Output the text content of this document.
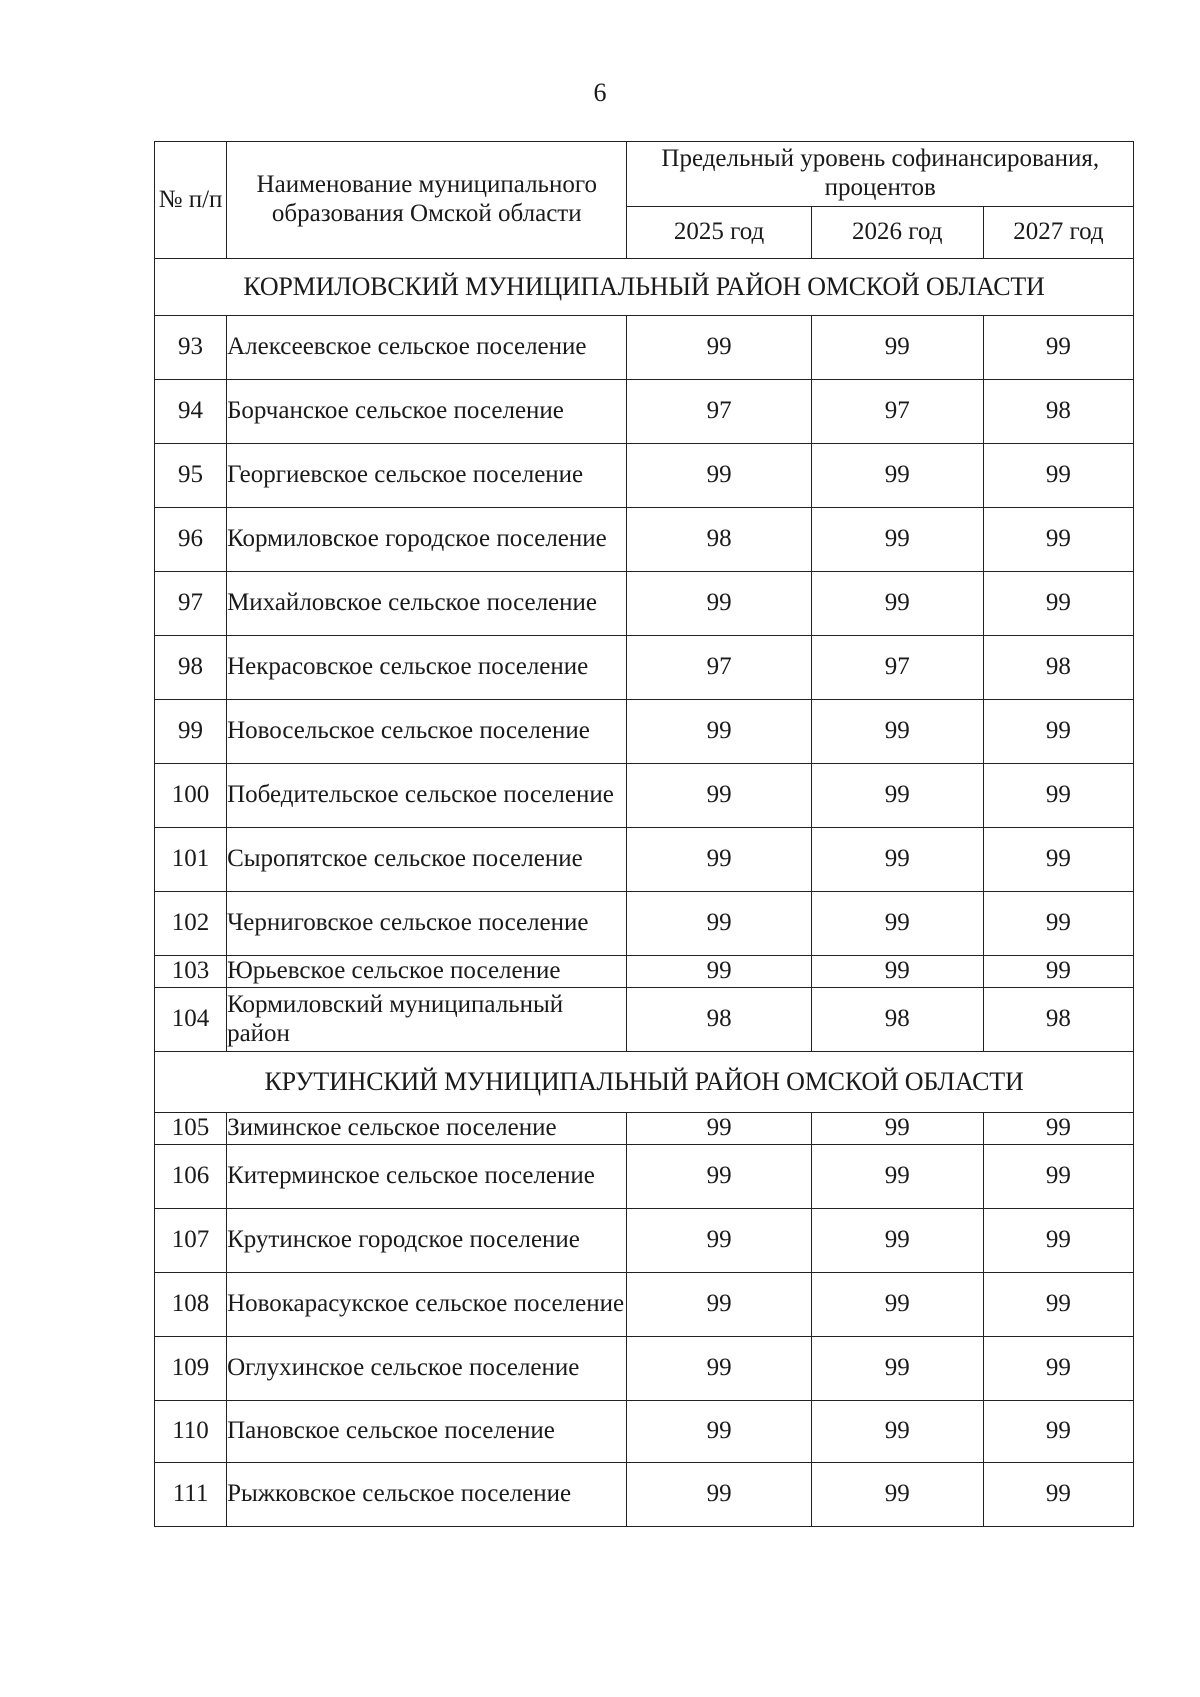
6
№ п/п	Наименование муниципального образования Омской области	Предельный уровень софинансирования, процентов		
		2025 год	2026 год	2027 год
КОРМИЛОВСКИЙ МУНИЦИПАЛЬНЫЙ РАЙОН ОМСКОЙ ОБЛАСТИ				
93	Алексеевское сельское поселение	99	99	99
94	Борчанское сельское поселение	97	97	98
95	Георгиевское сельское поселение	99	99	99
96	Кормиловское городское поселение	98	99	99
97	Михайловское сельское поселение	99	99	99
98	Некрасовское сельское поселение	97	97	98
99	Новосельское сельское поселение	99	99	99
100	Победительское сельское поселение	99	99	99
101	Сыропятское сельское поселение	99	99	99
102	Черниговское сельское поселение	99	99	99
103	Юрьевское сельское поселение	99	99	99
104	Кормиловский муниципальный район	98	98	98
КРУТИНСКИЙ МУНИЦИПАЛЬНЫЙ РАЙОН ОМСКОЙ ОБЛАСТИ				
105	Зиминское сельское поселение	99	99	99
106	Китерминское сельское поселение	99	99	99
107	Крутинское городское поселение	99	99	99
108	Новокарасукское сельское поселение	99	99	99
109	Оглухинское сельское поселение	99	99	99
110	Пановское сельское поселение	99	99	99
111	Рыжковское сельское поселение	99	99	99
